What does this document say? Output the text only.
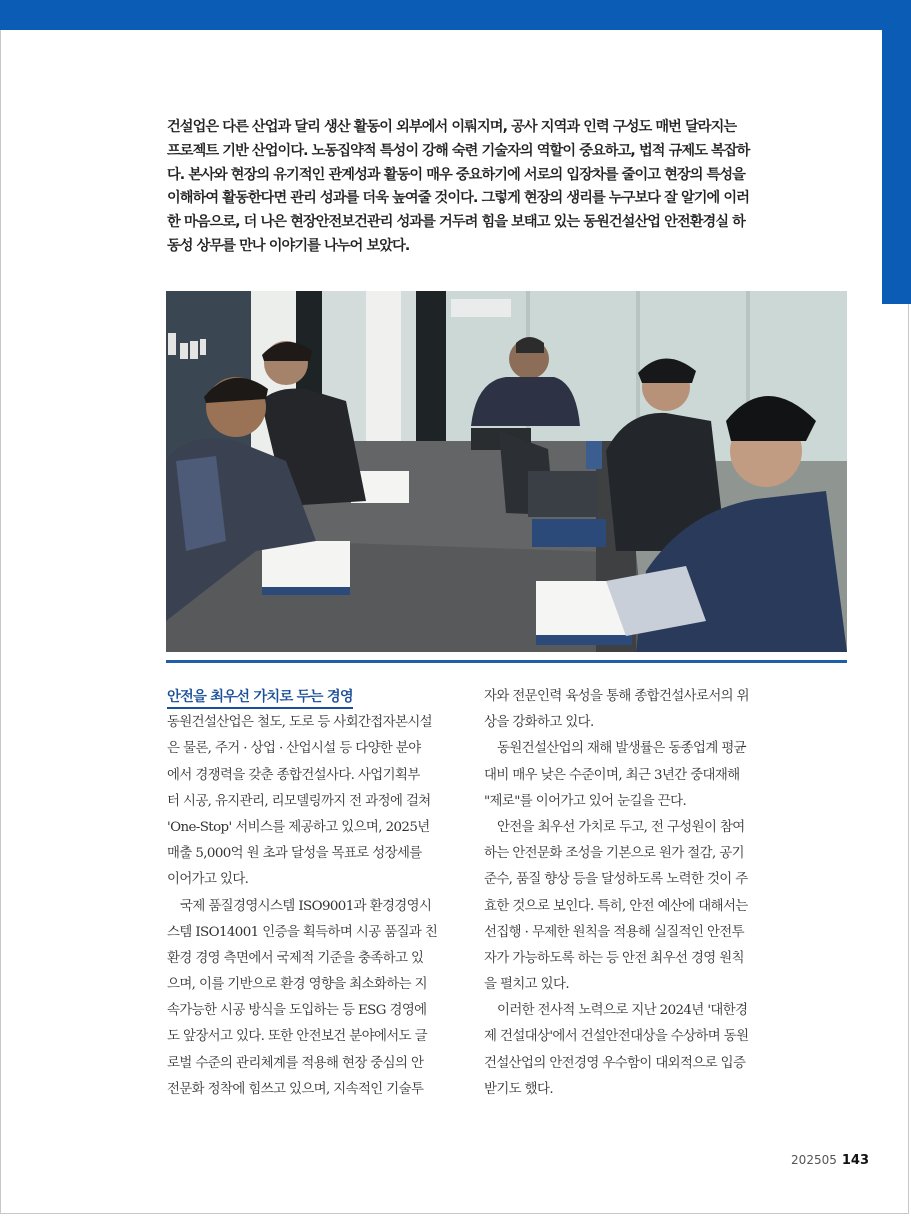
건설업은 다른 산업과 달리 생산 활동이 외부에서 이뤄지며, 공사 지역과 인력 구성도 매번 달라지는
프로젝트 기반 산업이다. 노동집약적 특성이 강해 숙련 기술자의 역할이 중요하고, 법적 규제도 복잡하
다. 본사와 현장의 유기적인 관계성과 활동이 매우 중요하기에 서로의 입장차를 줄이고 현장의 특성을
이해하여 활동한다면 관리 성과를 더욱 높여줄 것이다. 그렇게 현장의 생리를 누구보다 잘 알기에 이러
한 마음으로, 더 나은 현장안전보건관리 성과를 거두려 힘을 보태고 있는 동원건설산업 안전환경실 하
동성 상무를 만나 이야기를 나누어 보았다.

안전을 최우선 가치로 두는 경영
동원건설산업은 철도, 도로 등 사회간접자본시설
은 물론, 주거 · 상업 · 산업시설 등 다양한 분야
에서 경쟁력을 갖춘 종합건설사다. 사업기획부
터 시공, 유지관리, 리모델링까지 전 과정에 걸쳐
'One-Stop' 서비스를 제공하고 있으며, 2025년
매출 5,000억 원 초과 달성을 목표로 성장세를
이어가고 있다.
국제 품질경영시스템 ISO9001과 환경경영시
스템 ISO14001 인증을 획득하며 시공 품질과 친
환경 경영 측면에서 국제적 기준을 충족하고 있
으며, 이를 기반으로 환경 영향을 최소화하는 지
속가능한 시공 방식을 도입하는 등 ESG 경영에
도 앞장서고 있다. 또한 안전보건 분야에서도 글
로벌 수준의 관리체계를 적용해 현장 중심의 안
전문화 정착에 힘쓰고 있으며, 지속적인 기술투
자와 전문인력 육성을 통해 종합건설사로서의 위
상을 강화하고 있다.
동원건설산업의 재해 발생률은 동종업계 평균
대비 매우 낮은 수준이며, 최근 3년간 중대재해
"제로"를 이어가고 있어 눈길을 끈다.
안전을 최우선 가치로 두고, 전 구성원이 참여
하는 안전문화 조성을 기본으로 원가 절감, 공기
준수, 품질 향상 등을 달성하도록 노력한 것이 주
효한 것으로 보인다. 특히, 안전 예산에 대해서는
선집행 · 무제한 원칙을 적용해 실질적인 안전투
자가 가능하도록 하는 등 안전 최우선 경영 원칙
을 펼치고 있다.
이러한 전사적 노력으로 지난 2024년 '대한경
제 건설대상'에서 건설안전대상을 수상하며 동원
건설산업의 안전경영 우수함이 대외적으로 입증
받기도 했다.
202505 143
